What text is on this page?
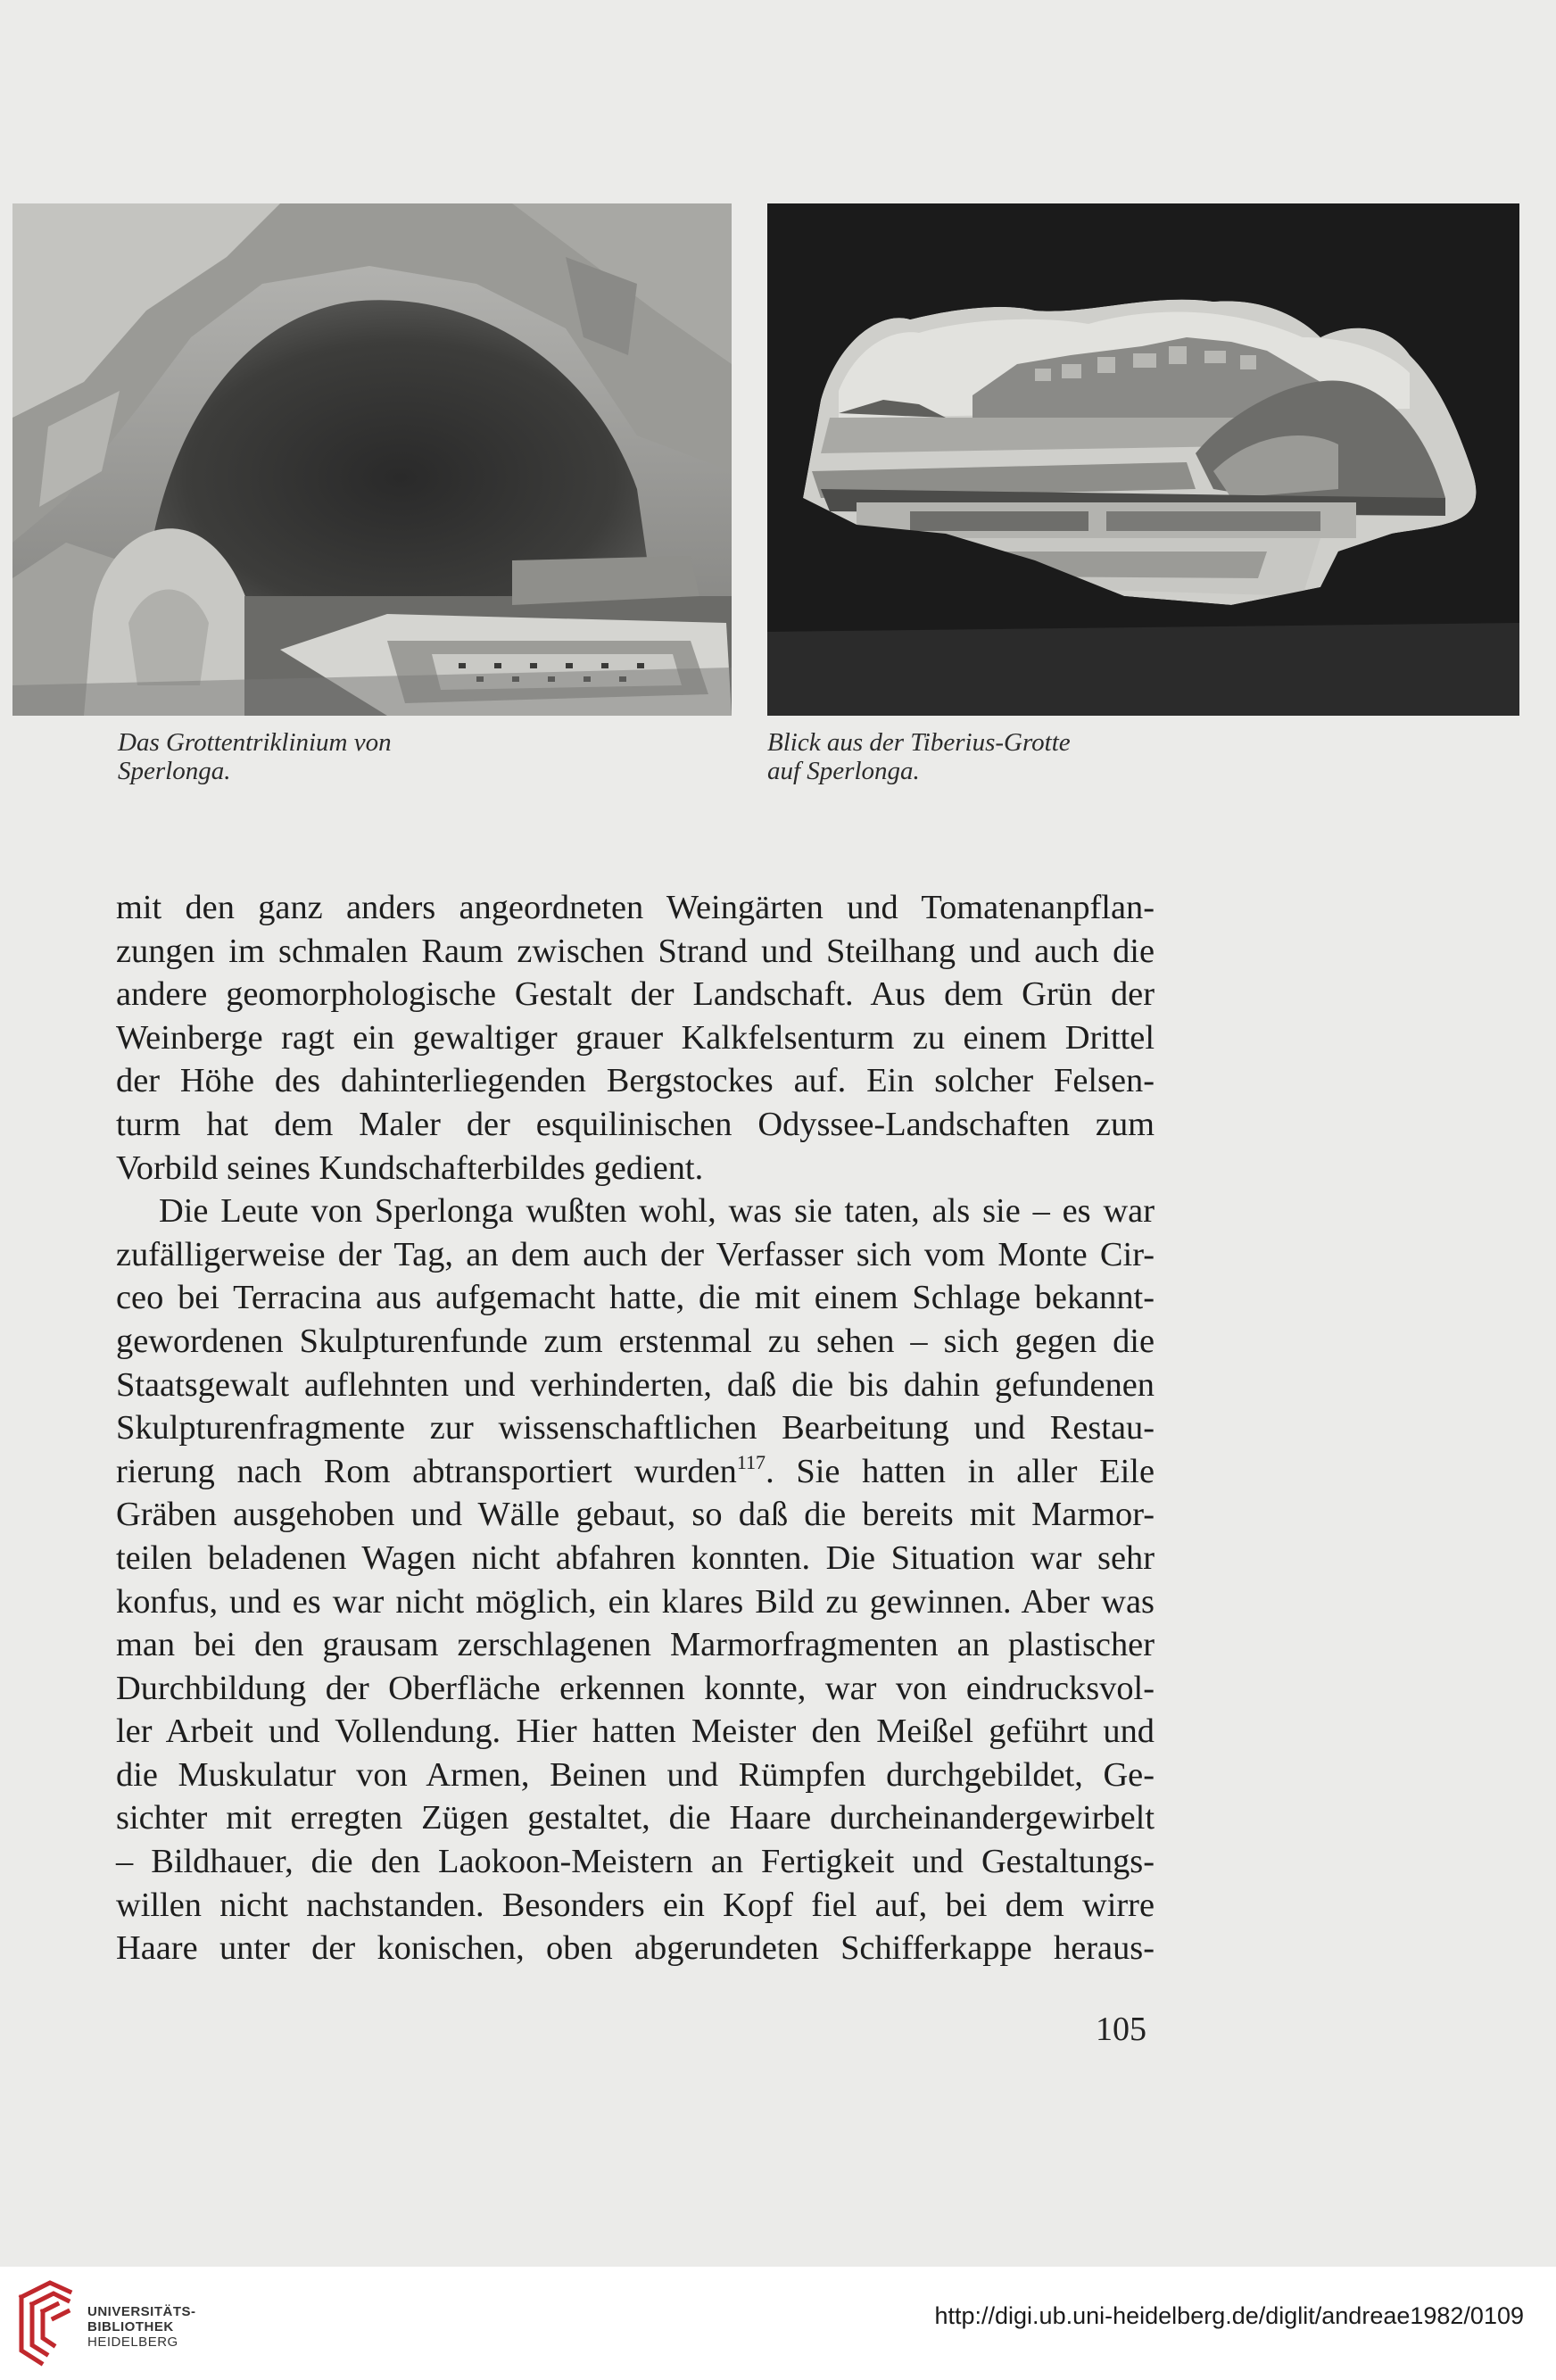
Das Grottentriklinium von
Sperlonga.
Blick aus der Tiberius-Grotte
auf Sperlonga.
mit den ganz anders angeordneten Weingärten und Tomatenanpflan-
zungen im schmalen Raum zwischen Strand und Steilhang und auch die
andere geomorphologische Gestalt der Landschaft. Aus dem Grün der
Weinberge ragt ein gewaltiger grauer Kalkfelsenturm zu einem Drittel
der Höhe des dahinterliegenden Bergstockes auf. Ein solcher Felsen-
turm hat dem Maler der esquilinischen Odyssee-Landschaften zum
Vorbild seines Kundschafterbildes gedient.
Die Leute von Sperlonga wußten wohl, was sie taten, als sie – es war
zufälligerweise der Tag, an dem auch der Verfasser sich vom Monte Cir-
ceo bei Terracina aus aufgemacht hatte, die mit einem Schlage bekannt-
gewordenen Skulpturenfunde zum erstenmal zu sehen – sich gegen die
Staatsgewalt auflehnten und verhinderten, daß die bis dahin gefundenen
Skulpturenfragmente zur wissenschaftlichen Bearbeitung und Restau-
rierung nach Rom abtransportiert wurden$^{117}$. Sie hatten in aller Eile
Gräben ausgehoben und Wälle gebaut, so daß die bereits mit Marmor-
teilen beladenen Wagen nicht abfahren konnten. Die Situation war sehr
konfus, und es war nicht möglich, ein klares Bild zu gewinnen. Aber was
man bei den grausam zerschlagenen Marmorfragmenten an plastischer
Durchbildung der Oberfläche erkennen konnte, war von eindrucksvol-
ler Arbeit und Vollendung. Hier hatten Meister den Meißel geführt und
die Muskulatur von Armen, Beinen und Rümpfen durchgebildet, Ge-
sichter mit erregten Zügen gestaltet, die Haare durcheinandergewirbelt
– Bildhauer, die den Laokoon-Meistern an Fertigkeit und Gestaltungs-
willen nicht nachstanden. Besonders ein Kopf fiel auf, bei dem wirre
Haare unter der konischen, oben abgerundeten Schifferkappe heraus-
105
UNIVERSITÄTS-
BIBLIOTHEK
HEIDELBERG
http://digi.ub.uni-heidelberg.de/diglit/andreae1982/0109
